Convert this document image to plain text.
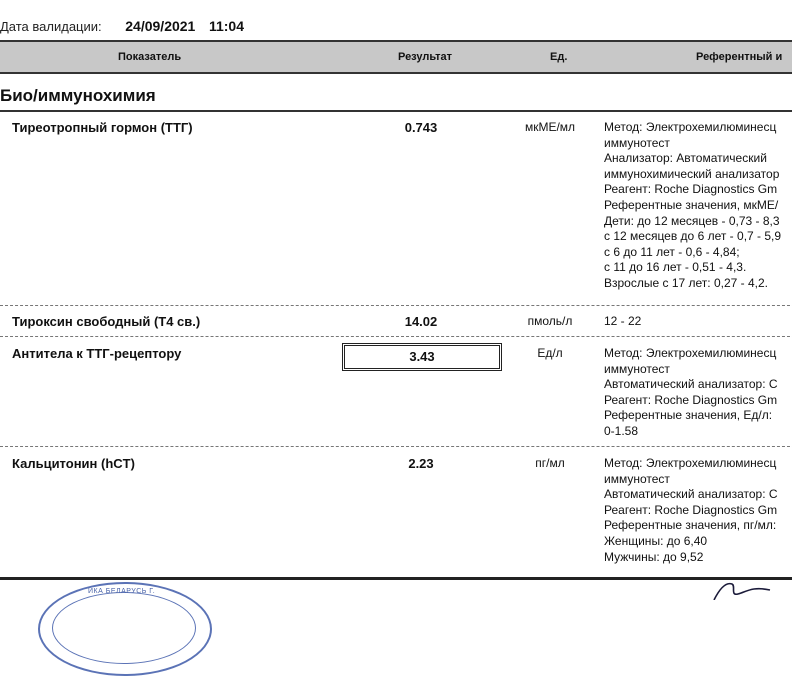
Дата валидации: 24/09/2021 11:04
Показатель	Результат	Ед.	Референтный и
Био/иммунохимия
Тиреотропный гормон (ТТГ)	0.743	мкМЕ/мл	Метод: Электрохемилюминесц
иммунотест
Анализатор: Автоматический
иммунохимический анализатор
Реагент: Roche Diagnostics Gm
Референтные значения, мкМЕ/
Дети: до 12 месяцев - 0,73 - 8,3
с 12 месяцев до 6 лет - 0,7 - 5,9
с 6 до 11 лет - 0,6 - 4,84;
с 11 до 16 лет - 0,51 - 4,3.
Взрослые с 17 лет: 0,27 - 4,2.
Тироксин свободный (Т4 св.)	14.02	пмоль/л	12 - 22
Антитела к ТТГ-рецептору	3.43	Ед/л	Метод: Электрохемилюминесц
иммунотест
Автоматический анализатор: С
Реагент: Roche Diagnostics Gm
Референтные значения, Ед/л:
0-1.58
Кальцитонин (hCT)	2.23	пг/мл	Метод: Электрохемилюминесц
иммунотест
Автоматический анализатор: С
Реагент: Roche Diagnostics Gm
Референтные значения, пг/мл:
Женщины: до 6,40
Мужчины: до 9,52
ИКА БЕЛАРУСЬ Г.
